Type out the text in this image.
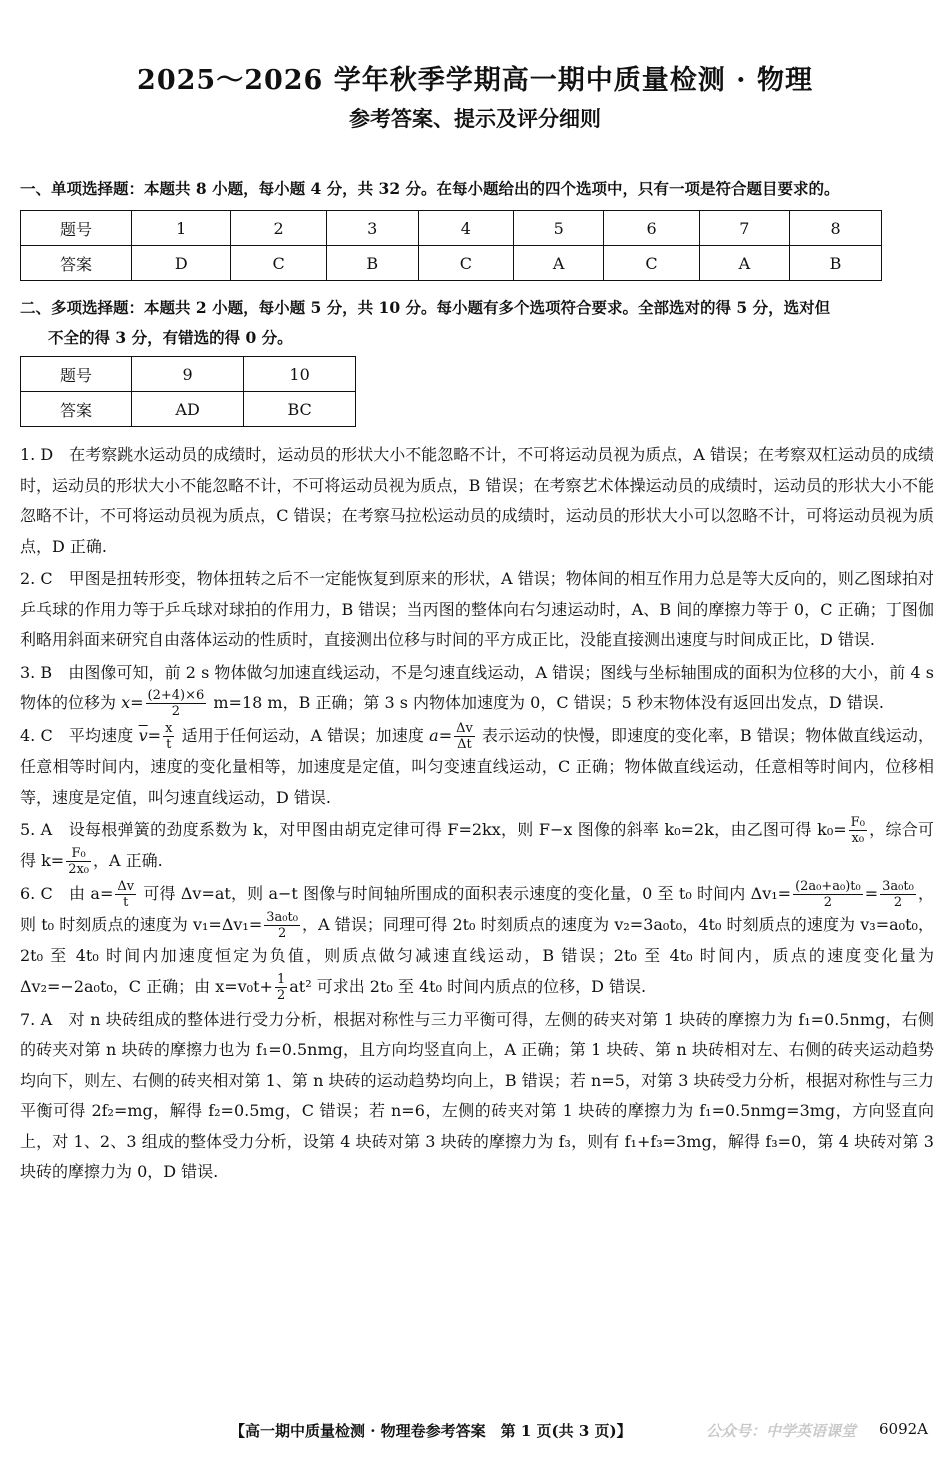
2025～2026 学年秋季学期高一期中质量检测 · 物理
参考答案、提示及评分细则
一、单项选择题：本题共 8 小题，每小题 4 分，共 32 分。在每小题给出的四个选项中，只有一项是符合题目要求的。
题号	1	2	3	4	5	6	7	8
答案	D	C	B	C	A	C	A	B
二、多项选择题：本题共 2 小题，每小题 5 分，共 10 分。每小题有多个选项符合要求。全部选对的得 5 分，选对但
不全的得 3 分，有错选的得 0 分。
题号	9	10
答案	AD	BC

1. D　在考察跳水运动员的成绩时，运动员的形状大小不能忽略不计，不可将运动员视为质点，A 错误；在考察双杠运动员的成绩时，运动员的形状大小不能忽略不计，不可将运动员视为质点，B 错误；在考察艺术体操运动员的成绩时，运动员的形状大小不能忽略不计，不可将运动员视为质点，C 错误；在考察马拉松运动员的成绩时，运动员的形状大小可以忽略不计，可将运动员视为质点，D 正确.

2. C　甲图是扭转形变，物体扭转之后不一定能恢复到原来的形状，A 错误；物体间的相互作用力总是等大反向的，则乙图球拍对乒乓球的作用力等于乒乓球对球拍的作用力，B 错误；当丙图的整体向右匀速运动时，A、B 间的摩擦力等于 0，C 正确；丁图伽利略用斜面来研究自由落体运动的性质时，直接测出位移与时间的平方成正比，没能直接测出速度与时间成正比，D 错误.

3. B　由图像可知，前 2 s 物体做匀加速直线运动，不是匀速直线运动，A 错误；图线与坐标轴围成的面积为位移的大小，前 4 s 物体的位移为 $x= \frac{(2+4)\times 6}{2} m=18$ m，B 正确；第 3 s 内物体加速度为 0，C 错误；5 秒末物体没有返回出发点，D 错误.

4. C　平均速度 $\overline{v}= \frac{x}{t}$ 适用于任何运动，A 错误；加速度 $a= \frac{\Delta v}{\Delta t}$ 表示运动的快慢，即速度的变化率，B 错误；物体做直线运动，任意相等时间内，速度的变化量相等，加速度是定值，叫匀变速直线运动，C 正确；物体做直线运动，任意相等时间内，位移相等，速度是定值，叫匀速直线运动，D 错误.

5. A　设每根弹簧的劲度系数为 k，对甲图由胡克定律可得 F=2kx，则 F−x 图像的斜率 k₀=2k，由乙图可得 $k_0= \frac{\text{F₀}}{\text{x₀}}$ ，综合可得 $k= \frac{\text{F₀}}{\text{2x₀}}$ ，A 正确.

6. C　由 $a= \frac{\Delta v}{t}$ 可得 Δv=at，则 a−t 图像与时间轴所围成的面积表示速度的变化量，0 至 t₀ 时间内 $\Delta v_1= \frac{\text{(2a₀+a₀)t₀}}{2} = \frac{\text{3a₀t₀}}{2}$ ，则 t₀ 时刻质点的速度为 $v_1=\Delta v_1= \frac{\text{3a₀t₀}}{2}$ ，A 错误；同理可得 2t₀ 时刻质点的速度为 v₂=3a₀t₀，4t₀ 时刻质点的速度为 v₃=a₀t₀，2t₀ 至 4t₀ 时间内加速度恒定为负值，则质点做匀减速直线运动，B 错误；2t₀ 至 4t₀ 时间内，质点的速度变化量为 Δv₂=−2a₀t₀，C 正确；由 $x=v_0t+ \frac{1}{2} at^2$ 可求出 2t₀ 至 4t₀ 时间内质点的位移，D 错误.

7. A　对 n 块砖组成的整体进行受力分析，根据对称性与三力平衡可得，左侧的砖夹对第 1 块砖的摩擦力为 f₁=0.5nmg，右侧的砖夹对第 n 块砖的摩擦力也为 f₁=0.5nmg，且方向均竖直向上，A 正确；第 1 块砖、第 n 块砖相对左、右侧的砖夹运动趋势均向下，则左、右侧的砖夹相对第 1、第 n 块砖的运动趋势均向上，B 错误；若 n=5，对第 3 块砖受力分析，根据对称性与三力平衡可得 2f₂=mg，解得 f₂=0.5mg，C 错误；若 n=6，左侧的砖夹对第 1 块砖的摩擦力为 f₁=0.5nmg=3mg，方向竖直向上，对 1、2、3 组成的整体受力分析，设第 4 块砖对第 3 块砖的摩擦力为 f₃，则有 f₁+f₃=3mg，解得 f₃=0，第 4 块砖对第 3 块砖的摩擦力为 0，D 错误.

【高一期中质量检测 · 物理卷参考答案　第 1 页(共 3 页)】	公众号：中学英语课堂 6092A
